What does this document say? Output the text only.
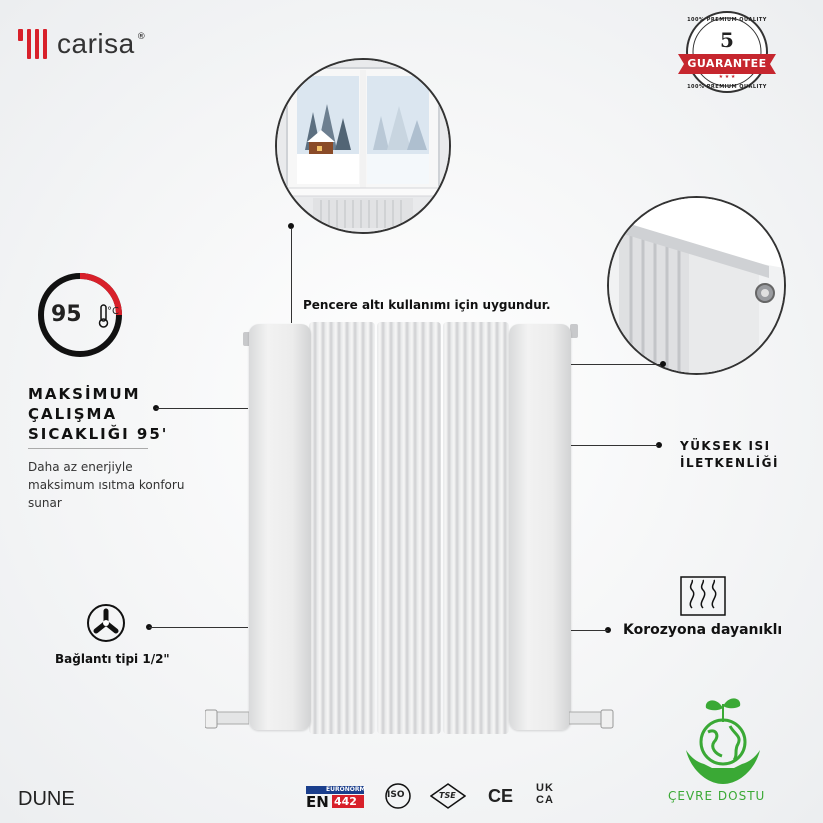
carisa®
★ ★ ★
100% PREMIUM QUALITY
5
GUARANTEE
100% PREMIUM QUALITY
Pencere altı kullanımı için uygundur.
95	°C
MAKSİMUM
ÇALIŞMA
SICAKLIĞI 95'
Daha az enerjiyle
maksimum ısıtma konforu
sunar
Bağlantı tipi 1/2"
YÜKSEK ISI
İLETKENLİĞİ
Korozyona dayanıklı
DUNE	EURONORM
EN 442	ISO	TSE CE UK
CA	ÇEVRE DOSTU
